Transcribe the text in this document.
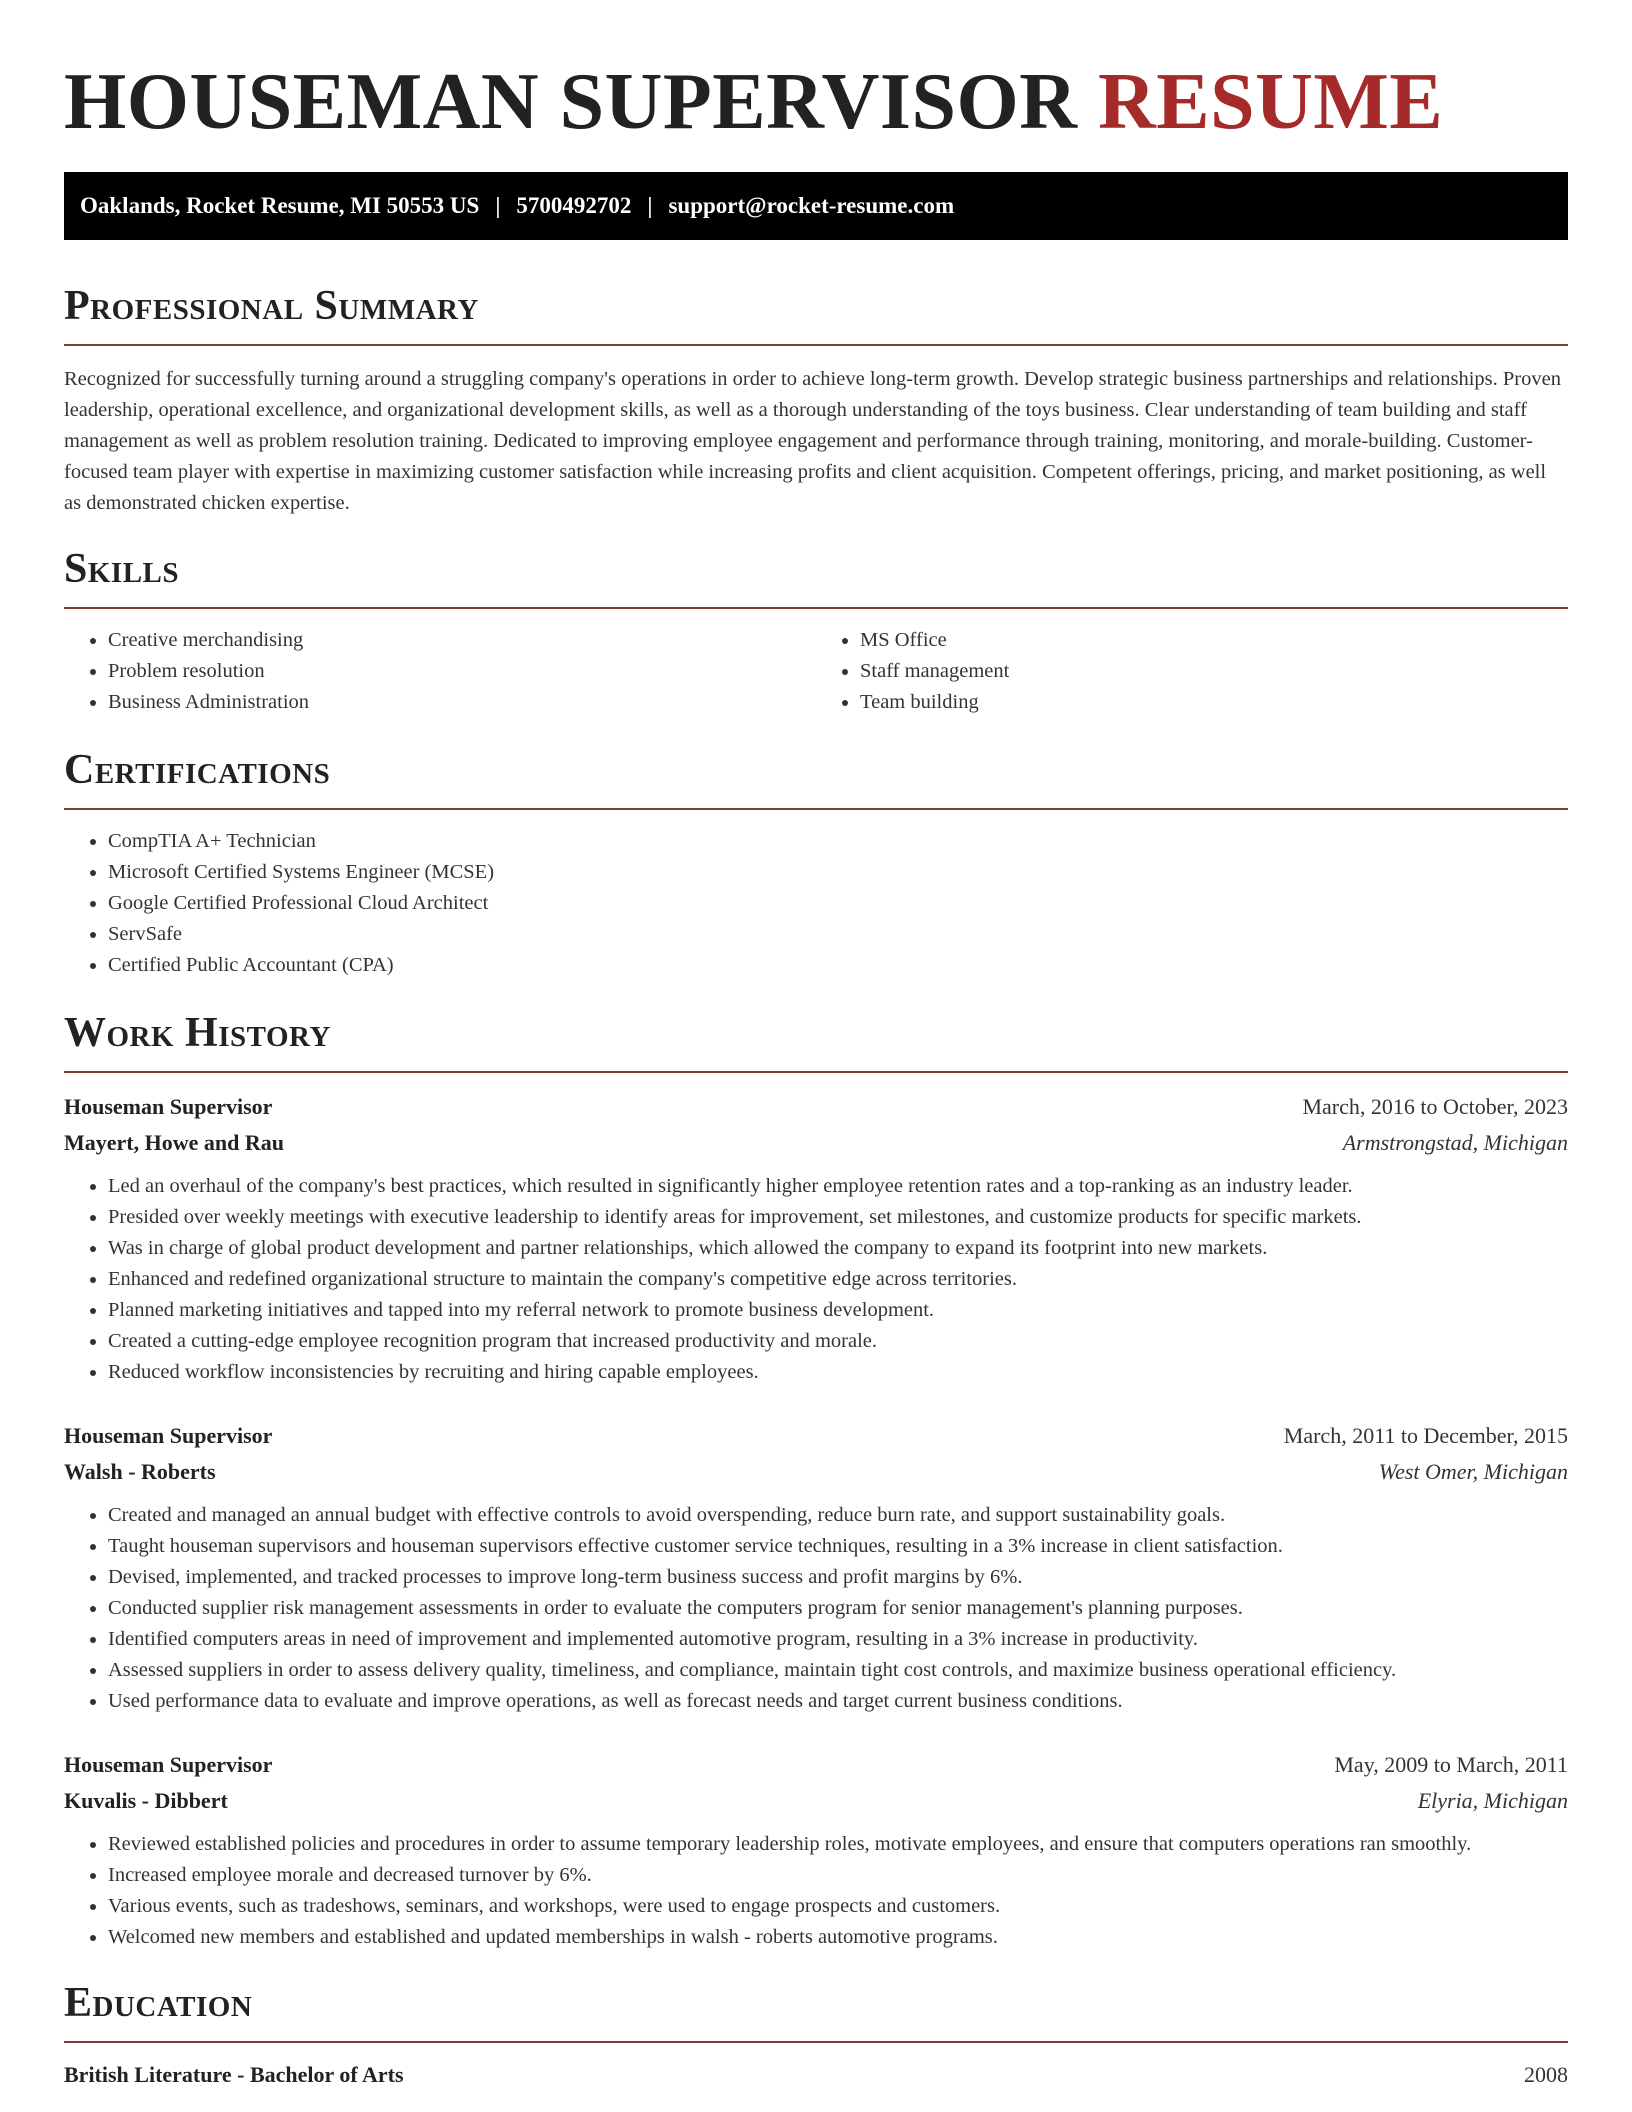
HOUSEMAN SUPERVISOR RESUME
Oaklands, Rocket Resume, MI 50553 US | 5700492702 | support@rocket-resume.com
Professional Summary

Recognized for successfully turning around a struggling company's operations in order to achieve long-term growth. Develop strategic business partnerships and relationships. Proven leadership, operational excellence, and organizational development skills, as well as a thorough understanding of the toys business. Clear understanding of team building and staff management as well as problem resolution training. Dedicated to improving employee engagement and performance through training, monitoring, and morale-building. Customer-focused team player with expertise in maximizing customer satisfaction while increasing profits and client acquisition. Competent offerings, pricing, and market positioning, as well as demonstrated chicken expertise.

Skills
• Creative merchandising
• Problem resolution
• Business Administration
• MS Office
• Staff management
• Team building
Certifications
• CompTIA A+ Technician
• Microsoft Certified Systems Engineer (MCSE)
• Google Certified Professional Cloud Architect
• ServSafe
• Certified Public Accountant (CPA)
Work History
Houseman Supervisor	March, 2016 to October, 2023
Mayert, Howe and Rau	Armstrongstad, Michigan
• Led an overhaul of the company's best practices, which resulted in significantly higher employee retention rates and a top-ranking as an industry leader.
• Presided over weekly meetings with executive leadership to identify areas for improvement, set milestones, and customize products for specific markets.
• Was in charge of global product development and partner relationships, which allowed the company to expand its footprint into new markets.
• Enhanced and redefined organizational structure to maintain the company's competitive edge across territories.
• Planned marketing initiatives and tapped into my referral network to promote business development.
• Created a cutting-edge employee recognition program that increased productivity and morale.
• Reduced workflow inconsistencies by recruiting and hiring capable employees.
Houseman Supervisor	March, 2011 to December, 2015
Walsh - Roberts	West Omer, Michigan
• Created and managed an annual budget with effective controls to avoid overspending, reduce burn rate, and support sustainability goals.
• Taught houseman supervisors and houseman supervisors effective customer service techniques, resulting in a 3% increase in client satisfaction.
• Devised, implemented, and tracked processes to improve long-term business success and profit margins by 6%.
• Conducted supplier risk management assessments in order to evaluate the computers program for senior management's planning purposes.
• Identified computers areas in need of improvement and implemented automotive program, resulting in a 3% increase in productivity.
• Assessed suppliers in order to assess delivery quality, timeliness, and compliance, maintain tight cost controls, and maximize business operational efficiency.
• Used performance data to evaluate and improve operations, as well as forecast needs and target current business conditions.
Houseman Supervisor	May, 2009 to March, 2011
Kuvalis - Dibbert	Elyria, Michigan
• Reviewed established policies and procedures in order to assume temporary leadership roles, motivate employees, and ensure that computers operations ran smoothly.
• Increased employee morale and decreased turnover by 6%.
• Various events, such as tradeshows, seminars, and workshops, were used to engage prospects and customers.
• Welcomed new members and established and updated memberships in walsh - roberts automotive programs.
Education
British Literature - Bachelor of Arts	2008
